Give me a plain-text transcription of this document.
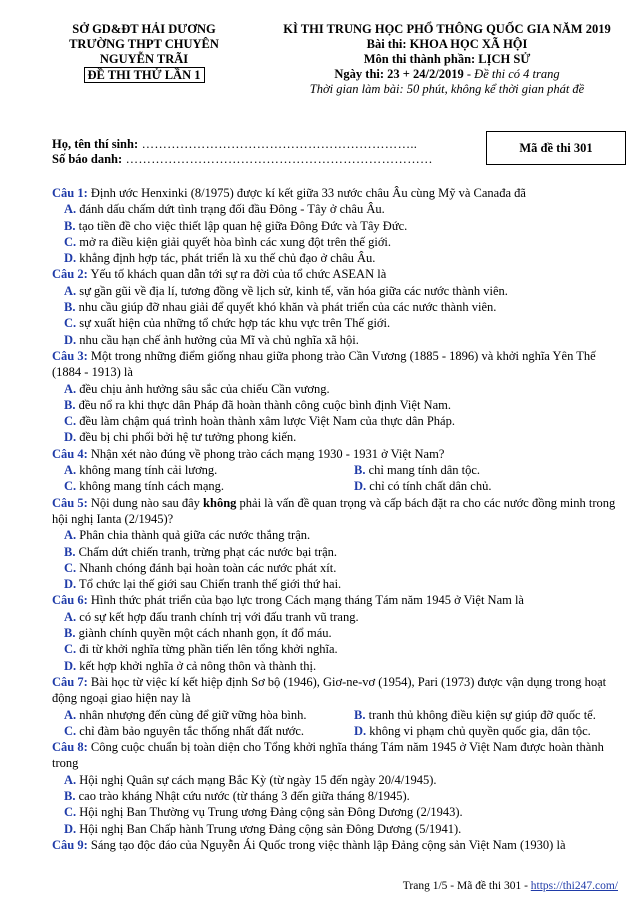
SỞ GD&ĐT HẢI DƯƠNG
TRƯỜNG THPT CHUYÊN
NGUYỄN TRÃI
ĐỀ THI THỬ LẦN 1
KÌ THI TRUNG HỌC PHỔ THÔNG QUỐC GIA NĂM 2019
Bài thi: KHOA HỌC XÃ HỘI
Môn thi thành phần: LỊCH SỬ
Ngày thi: 23 + 24/2/2019 - Đề thi có 4 trang
Thời gian làm bài: 50 phút, không kể thời gian phát đề
Họ, tên thí sinh: ………………………………………………………..
Số báo danh: ………………………………………………………………
Mã đề thi 301

Câu 1: Định ước Henxinki (8/1975) được kí kết giữa 33 nước châu Âu cùng Mỹ và Canađa đã

A. đánh dấu chấm dứt tình trạng đối đầu Đông - Tây ở châu Âu.

B. tạo tiền đề cho việc thiết lập quan hệ giữa Đông Đức và Tây Đức.

C. mở ra điều kiện giải quyết hòa bình các xung đột trên thế giới.

D. khẳng định hợp tác, phát triển là xu thế chủ đạo ở châu Âu.

Câu 2: Yếu tố khách quan dẫn tới sự ra đời của tổ chức ASEAN là

A. sự gần gũi về địa lí, tương đồng về lịch sử, kinh tế, văn hóa giữa các nước thành viên.

B. nhu cầu giúp đỡ nhau giải để quyết khó khăn và phát triển của các nước thành viên.

C. sự xuất hiện của những tổ chức hợp tác khu vực trên Thế giới.

D. nhu cầu hạn chế ảnh hưởng của Mĩ và chủ nghĩa xã hội.

Câu 3: Một trong những điểm giống nhau giữa phong trào Cần Vương (1885 - 1896) và khởi nghĩa Yên Thế (1884 - 1913) là

A. đều chịu ảnh hưởng sâu sắc của chiếu Cần vương.

B. đều nổ ra khi thực dân Pháp đã hoàn thành công cuộc bình định Việt Nam.

C. đều làm chậm quá trình hoàn thành xâm lược Việt Nam của thực dân Pháp.

D. đều bị chi phối bởi hệ tư tưởng phong kiến.

Câu 4: Nhận xét nào đúng về phong trào cách mạng 1930 - 1931 ở Việt Nam?

A. không mang tính cải lương.	B. chỉ mang tính dân tộc.

C. không mang tính cách mạng.	D. chỉ có tính chất dân chủ.

Câu 5: Nội dung nào sau đây không phải là vấn đề quan trọng và cấp bách đặt ra cho các nước đồng minh trong hội nghị Ianta (2/1945)?

A. Phân chia thành quả giữa các nước thắng trận.

B. Chấm dứt chiến tranh, trừng phạt các nước bại trận.

C. Nhanh chóng đánh bại hoàn toàn các nước phát xít.

D. Tổ chức lại thế giới sau Chiến tranh thế giới thứ hai.

Câu 6: Hình thức phát triển của bạo lực trong Cách mạng tháng Tám năm 1945 ở Việt Nam là

A. có sự kết hợp đấu tranh chính trị với đấu tranh vũ trang.

B. giành chính quyền một cách nhanh gọn, ít đổ máu.

C. đi từ khởi nghĩa từng phần tiến lên tổng khởi nghĩa.

D. kết hợp khởi nghĩa ở cả nông thôn và thành thị.

Câu 7: Bài học từ việc kí kết hiệp định Sơ bộ (1946), Giơ-ne-vơ (1954), Pari (1973) được vận dụng trong hoạt động ngoại giao hiện nay là

A. nhân nhượng đến cùng để giữ vững hòa bình.	B. tranh thủ không điều kiện sự giúp đỡ quốc tế.

C. chỉ đàm bảo nguyên tắc thống nhất đất nước.	D. không vi phạm chủ quyền quốc gia, dân tộc.

Câu 8: Công cuộc chuẩn bị toàn diện cho Tổng khởi nghĩa tháng Tám năm 1945 ở Việt Nam được hoàn thành trong

A. Hội nghị Quân sự cách mạng Bắc Kỳ (từ ngày 15 đến ngày 20/4/1945).

B. cao trào kháng Nhật cứu nước (từ tháng 3 đến giữa tháng 8/1945).

C. Hội nghị Ban Thường vụ Trung ương Đảng cộng sản Đông Dương (2/1943).

D. Hội nghị Ban Chấp hành Trung ương Đảng cộng sản Đông Dương (5/1941).

Câu 9: Sáng tạo độc đáo của Nguyễn Ái Quốc trong việc thành lập Đảng cộng sản Việt Nam (1930) là

Trang 1/5 - Mã đề thi 301 - https://thi247.com/
